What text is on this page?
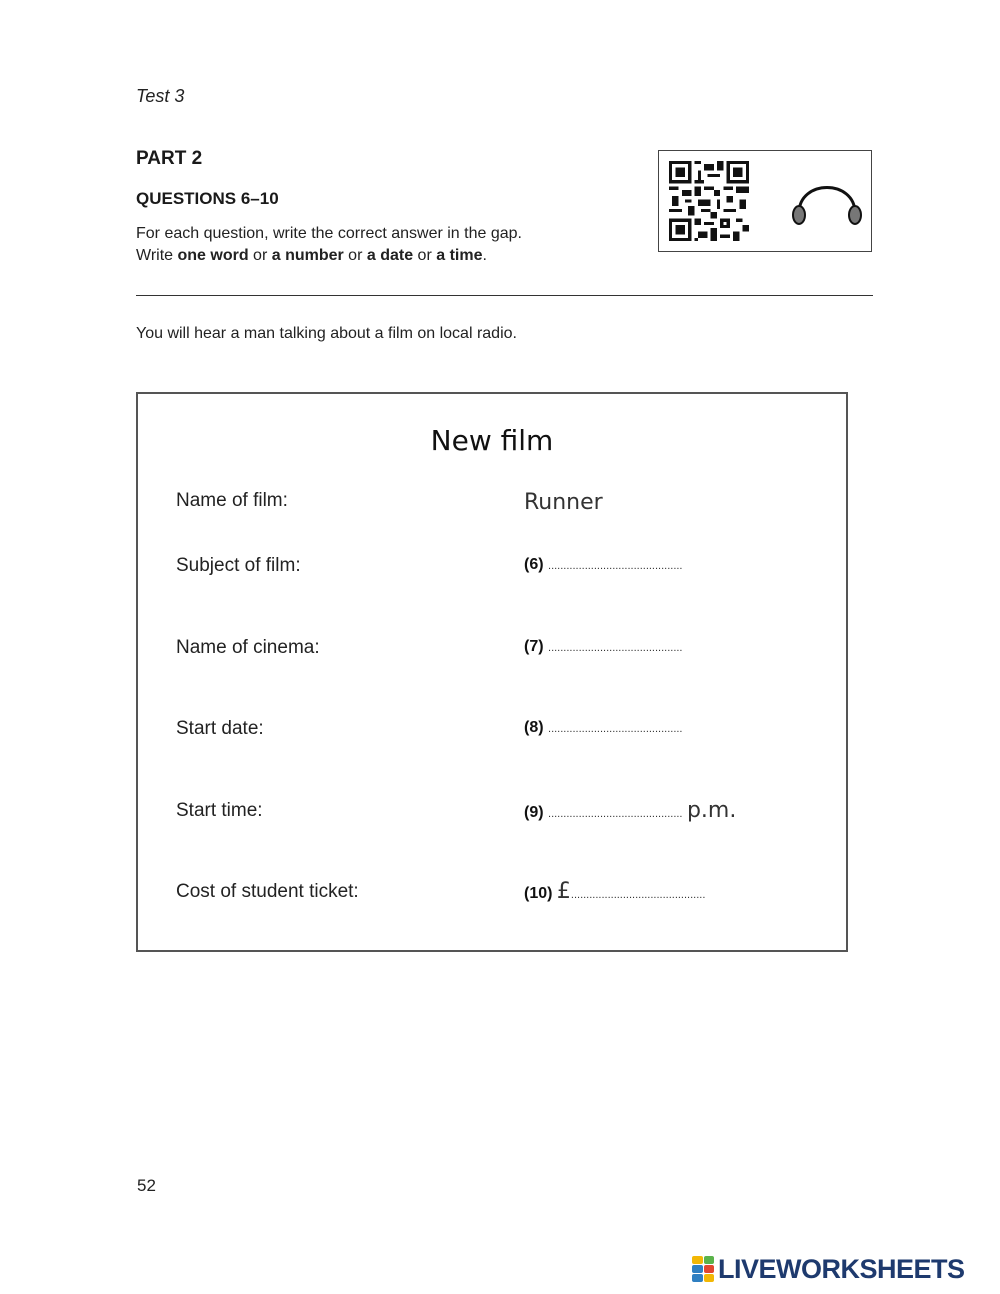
Test 3
PART 2
QUESTIONS 6–10
For each question, write the correct answer in the gap.
Write one word or a number or a date or a time.
You will hear a man talking about a film on local radio.
New film
Name of film:	Runner
Subject of film:	(6) ............................................
Name of cinema:	(7) ............................................
Start date:	(8) ............................................
Start time:	(9) ............................................ p.m.
Cost of student ticket:	(10) £............................................
52
LIVEWORKSHEETS
